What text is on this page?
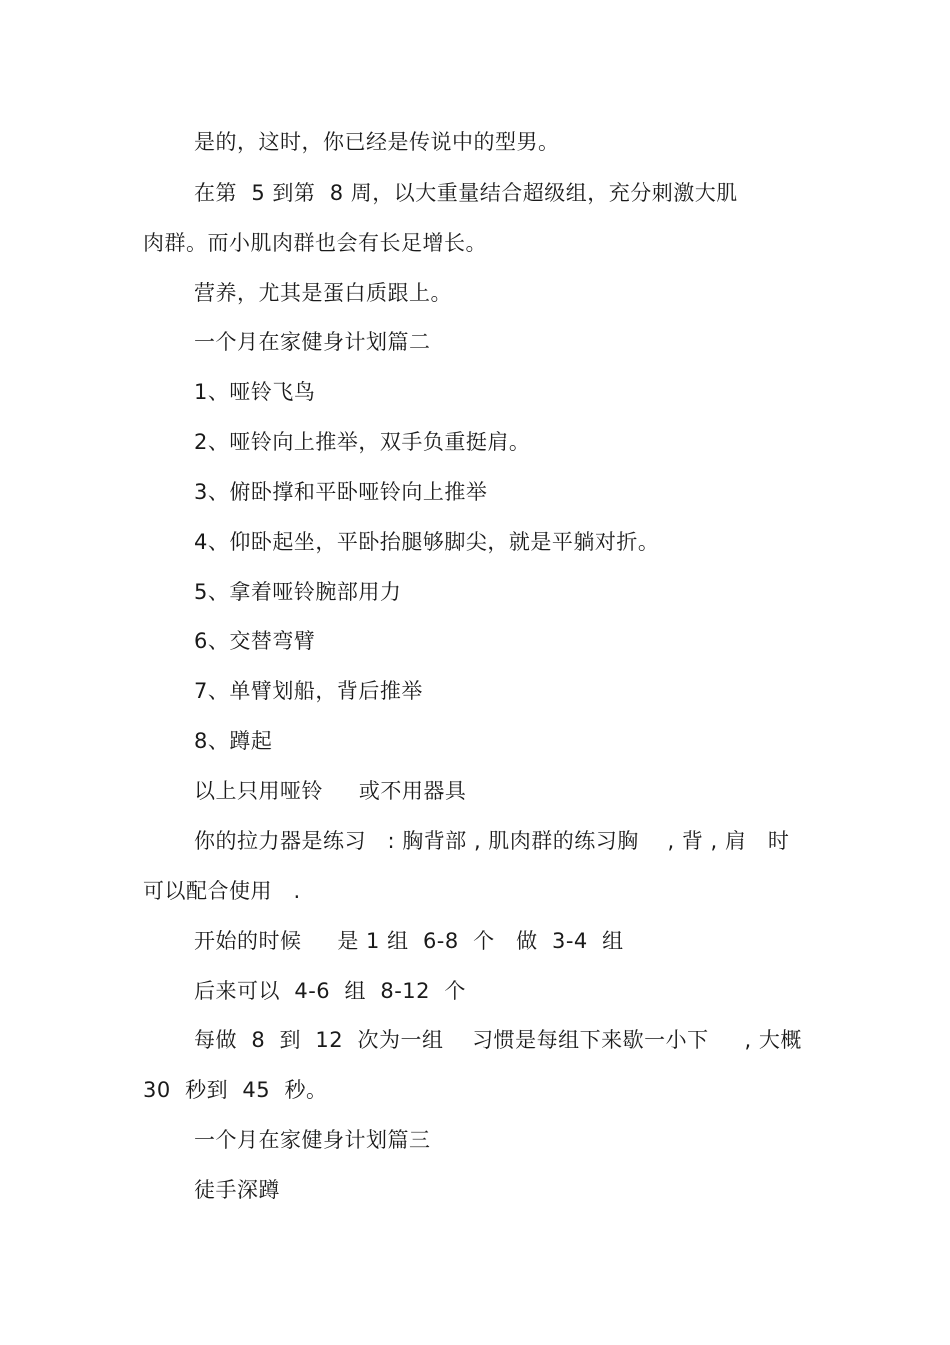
是的，这时，你已经是传说中的型男。
在第  5 到第  8 周，以大重量结合超级组，充分刺激大肌
肉群。而小肌肉群也会有长足增长。
营养，尤其是蛋白质跟上。
一个月在家健身计划篇二
1、哑铃飞鸟
2、哑铃向上推举，双手负重挺肩。
3、俯卧撑和平卧哑铃向上推举
4、仰卧起坐，平卧抬腿够脚尖，就是平躺对折。
5、拿着哑铃腕部用力
6、交替弯臂
7、单臂划船，背后推举
8、蹲起
以上只用哑铃     或不用器具
你的拉力器是练习   : 胸背部 , 肌肉群的练习胸    , 背 , 肩   时
可以配合使用   .
开始的时候     是 1 组  6-8  个   做  3-4  组
后来可以  4-6  组  8-12  个
每做  8  到  12  次为一组    习惯是每组下来歇一小下     , 大概
30  秒到  45  秒。
一个月在家健身计划篇三
徒手深蹲
